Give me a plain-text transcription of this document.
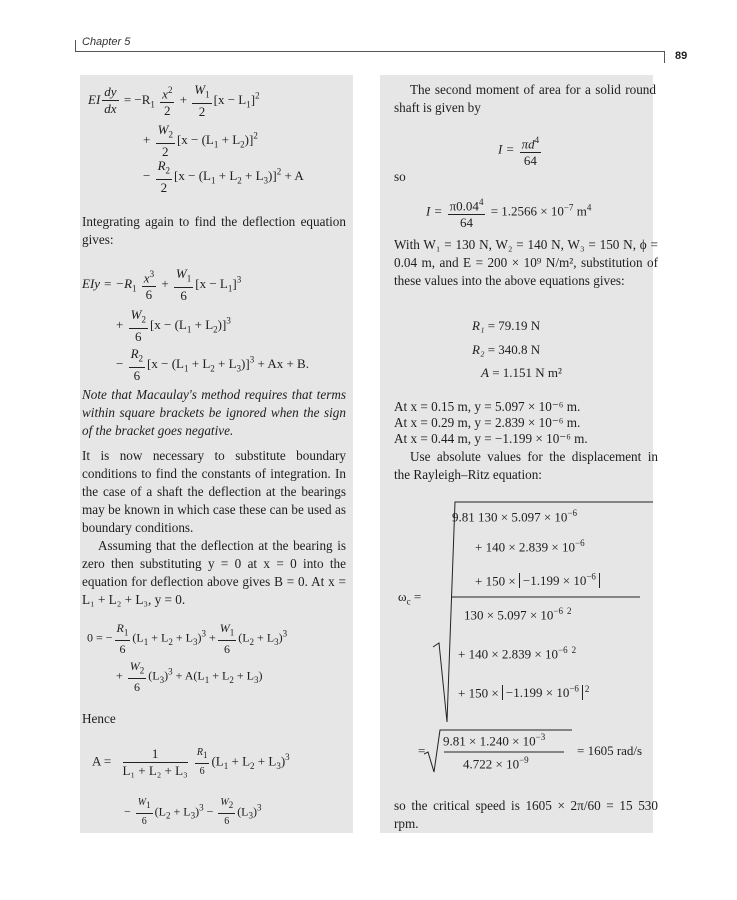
Chapter 5
89
EI $\frac{dy}{dx} = -R_1 \frac{x^2}{2} + \frac{W_1}{2} [x - L_1]^2$
+ $\frac{W_2}{2} [x - (L_1 + L_2)]^2$
− $\frac{R_2}{2} [x - (L_1 + L_2 + L_3)]^2 + A$
Integrating again to find the deflection equation gives:
EIy = $-R_1 \frac{x^3}{6} + \frac{W_1}{6} [x - L_1]^3$
+ $\frac{W_2}{6} [x - (L_1 + L_2)]^3$
− $\frac{R_2}{6} [x - (L_1 + L_2 + L_3)]^3 + Ax + B$.
Note that Macaulay's method requires that terms within square brackets be ignored when the sign of the bracket goes negative.
It is now necessary to substitute boundary conditions to find the constants of integration. In the case of a shaft the deflection at the bearings may be known in which case these can be used as boundary conditions.
Assuming that the deflection at the bearing is zero then substituting y = 0 at x = 0 into the equation for deflection above gives B = 0. At x = L₁ + L₂ + L₃, y = 0.
0 = − $\frac{R_1}{6} (L_1 + L_2 + L_3)^3 + \frac{W_1}{6} (L_2 + L_3)^3$
+ $\frac{W_2}{6} (L_3)^3 + A(L_1 + L_2 + L_3)$
Hence
$A = \frac{1}{\text{L₁ + L₂ + L₃}}$
$\frac{R_1}{6} (L_1 + L_2 + L_3)^3$
− $\frac{W_1}{6} (L_2 + L_3)^3 - \frac{W_2}{6} (L_3)^3$
The second moment of area for a solid round shaft is given by
$I = \frac{\pi d^4}{64}$
so
$I = \frac{\pi 0.04^4}{64} = 1.2566 \times 10^{-7}$ $m^4$
With W₁ = 130 N, W₂ = 140 N, W₃ = 150 N, ϕ = 0.04 m, and E = 200 × 10⁹ N/m², substitution of these values into the above equations gives:
R₁ = 79.19 N
R₂ = 340.8 N
A = 1.151 N m²
At x = 0.15 m, y = 5.097 × 10⁻⁶ m.
At x = 0.29 m, y = 2.839 × 10⁻⁶ m.
At x = 0.44 m, y = −1.199 × 10⁻⁶ m.
Use absolute values for the displacement in the Rayleigh–Ritz equation:
$\omega_c$ =
9.81 $130 \times 5.097 \times 10^{-6}$
+ $140 \times 2.839 \times 10^{-6}$
+ $150 \times -1.199 \times 10^{-6}$
$130 \times 5.097 \times 10^{-6}$ $^2$
+ $140 \times 2.839 \times 10^{-6}$ $^2$
+ $150 \times -1.199 \times 10^{-6}$ $^2$
=
$9.81 \times 1.240 \times 10^{-3}$
$4.722 \times 10^{-9}$
= 1605 rad/s
so the critical speed is 1605 × 2π/60 = 15 530 rpm.
